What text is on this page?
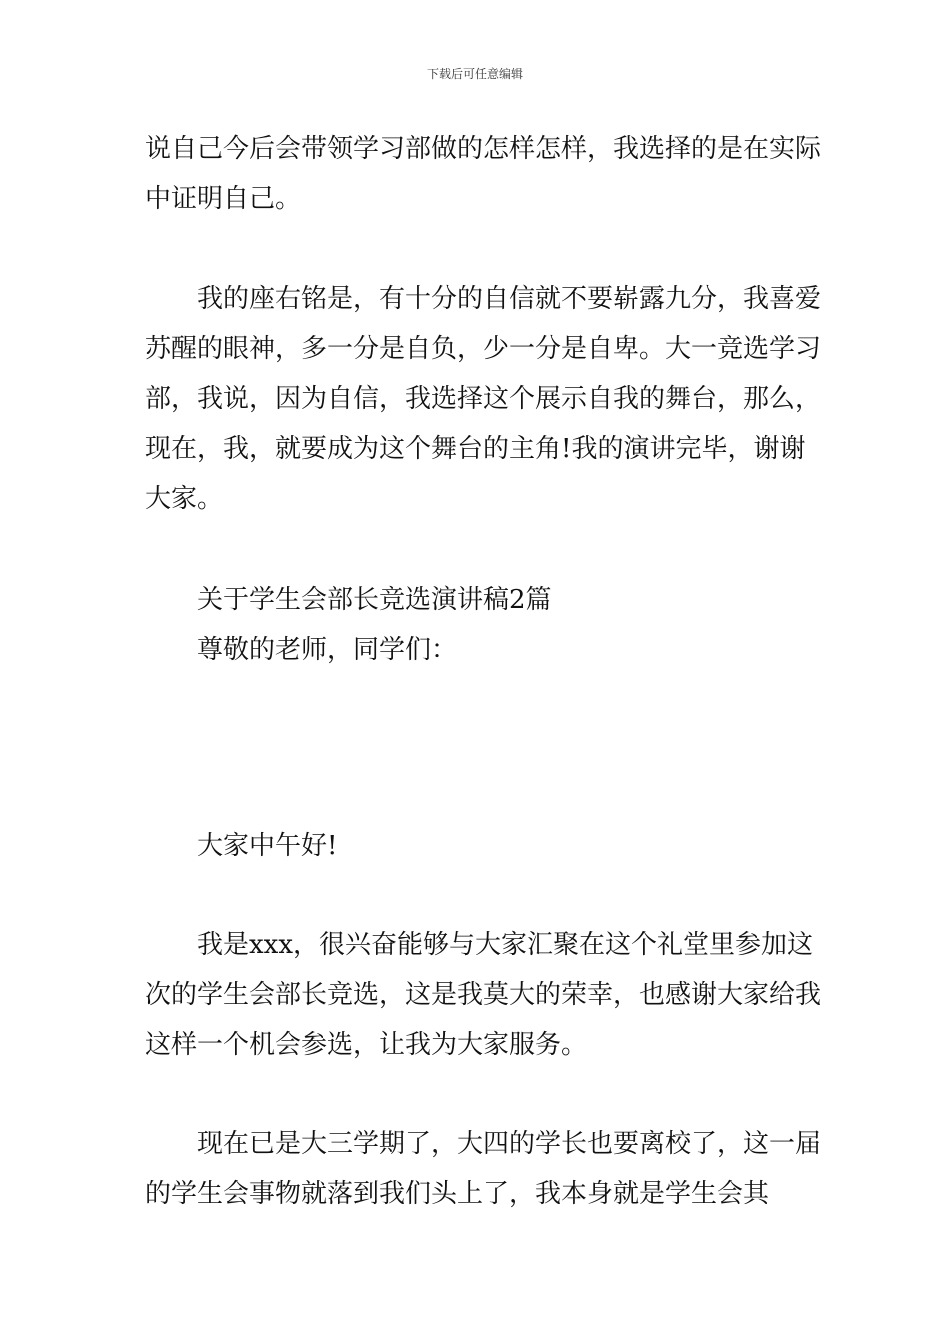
下载后可任意编辑

说自己今后会带领学习部做的怎样怎样，我选择的是在实际中证明自己。

我的座右铭是，有十分的自信就不要崭露九分，我喜爱苏醒的眼神，多一分是自负，少一分是自卑。大一竞选学习部，我说，因为自信，我选择这个展示自我的舞台，那么，现在，我，就要成为这个舞台的主角!我的演讲完毕，谢谢大家。

关于学生会部长竞选演讲稿2篇

尊敬的老师，同学们：

大家中午好!

我是xxx，很兴奋能够与大家汇聚在这个礼堂里参加这次的学生会部长竞选，这是我莫大的荣幸，也感谢大家给我这样一个机会参选，让我为大家服务。

现在已是大三学期了，大四的学长也要离校了，这一届的学生会事物就落到我们头上了，我本身就是学生会其
